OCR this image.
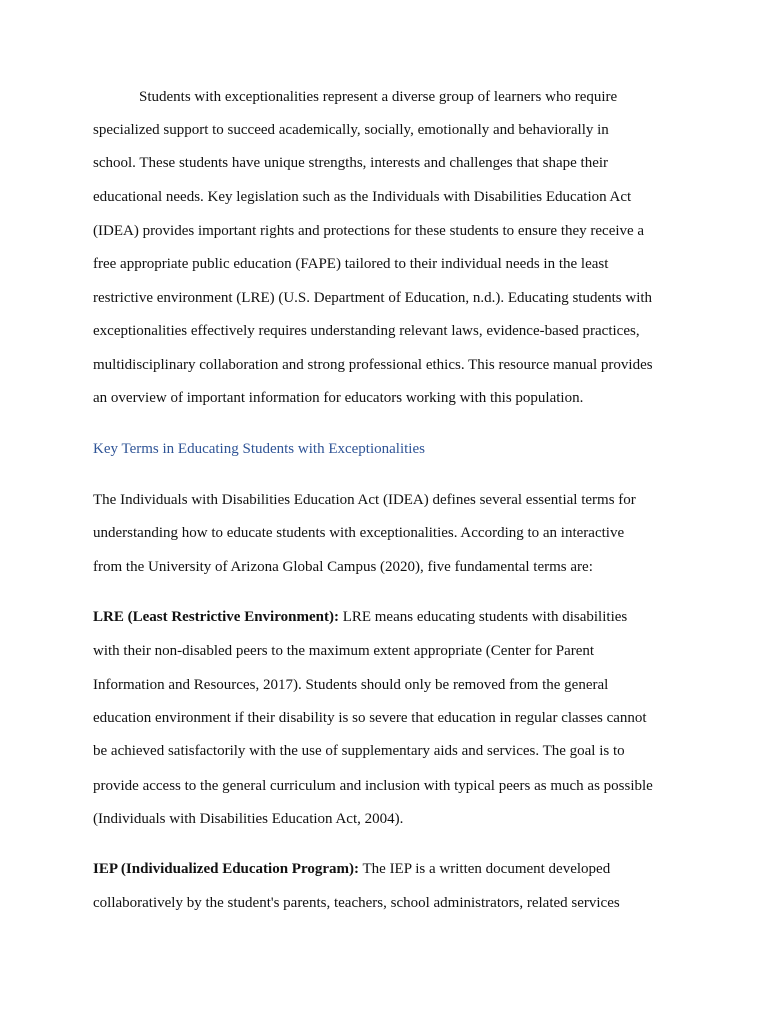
Students with exceptionalities represent a diverse group of learners who require
specialized support to succeed academically, socially, emotionally and behaviorally in
school. These students have unique strengths, interests and challenges that shape their
educational needs. Key legislation such as the Individuals with Disabilities Education Act
(IDEA) provides important rights and protections for these students to ensure they receive a
free appropriate public education (FAPE) tailored to their individual needs in the least
restrictive environment (LRE) (U.S. Department of Education, n.d.). Educating students with
exceptionalities effectively requires understanding relevant laws, evidence-based practices,
multidisciplinary collaboration and strong professional ethics. This resource manual provides
an overview of important information for educators working with this population.
Key Terms in Educating Students with Exceptionalities
The Individuals with Disabilities Education Act (IDEA) defines several essential terms for
understanding how to educate students with exceptionalities. According to an interactive
from the University of Arizona Global Campus (2020), five fundamental terms are:
LRE (Least Restrictive Environment): LRE means educating students with disabilities
with their non-disabled peers to the maximum extent appropriate (Center for Parent
Information and Resources, 2017). Students should only be removed from the general
education environment if their disability is so severe that education in regular classes cannot
be achieved satisfactorily with the use of supplementary aids and services. The goal is to
provide access to the general curriculum and inclusion with typical peers as much as possible
(Individuals with Disabilities Education Act, 2004).
IEP (Individualized Education Program): The IEP is a written document developed
collaboratively by the student's parents, teachers, school administrators, related services
